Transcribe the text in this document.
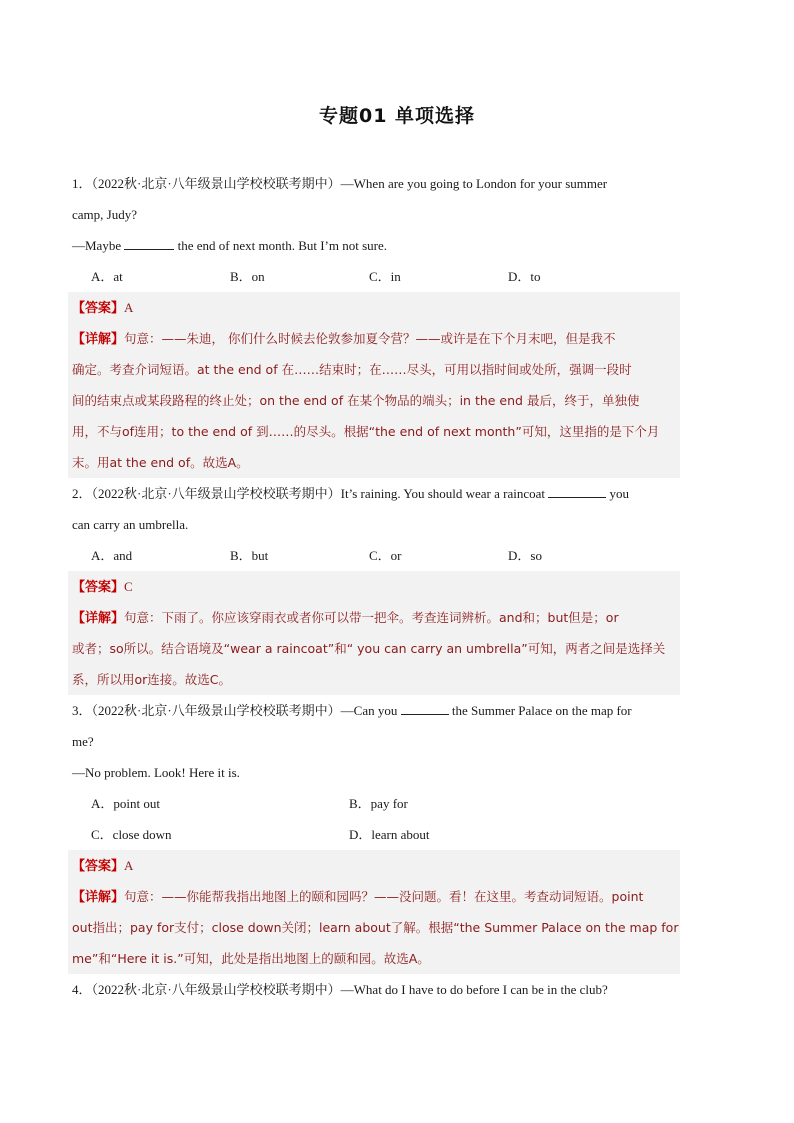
专题01 单项选择
1．（2022秋·北京·八年级景山学校校联考期中）—When are you going to London for your summer
camp, Judy?
—Maybe	the end of next month. But I’m not sure.
A．at	B．on	C．in	D．to
【答案】A
【详解】句意：——朱迪， 你们什么时候去伦敦参加夏令营？——或许是在下个月末吧，但是我不
确定。考查介词短语。at the end of 在……结束时；在……尽头，可用以指时间或处所，强调一段时
间的结束点或某段路程的终止处；on the end of 在某个物品的端头；in the end 最后，终于，单独使
用，不与of连用；to the end of 到……的尽头。根据“the end of next month”可知，这里指的是下个月
末。用at the end of。故选A。
2．（2022秋·北京·八年级景山学校校联考期中）It’s raining. You should wear a raincoat	you
can carry an umbrella.
A．and	B．but	C．or	D．so
【答案】C
【详解】句意：下雨了。你应该穿雨衣或者你可以带一把伞。考查连词辨析。and和；but但是；or
或者；so所以。结合语境及“wear a raincoat”和“ you can carry an umbrella”可知，两者之间是选择关
系，所以用or连接。故选C。
3．（2022秋·北京·八年级景山学校校联考期中）—Can you	the Summer Palace on the map for
me?
—No problem. Look! Here it is.
A．point out	B．pay for
C．close down	D．learn about
【答案】A
【详解】句意：——你能帮我指出地图上的颐和园吗？——没问题。看！在这里。考查动词短语。point
out指出；pay for支付；close down关闭；learn about了解。根据“the Summer Palace on the map for
me”和“Here it is.”可知，此处是指出地图上的颐和园。故选A。
4．（2022秋·北京·八年级景山学校校联考期中）—What do I have to do before I can be in the club?
